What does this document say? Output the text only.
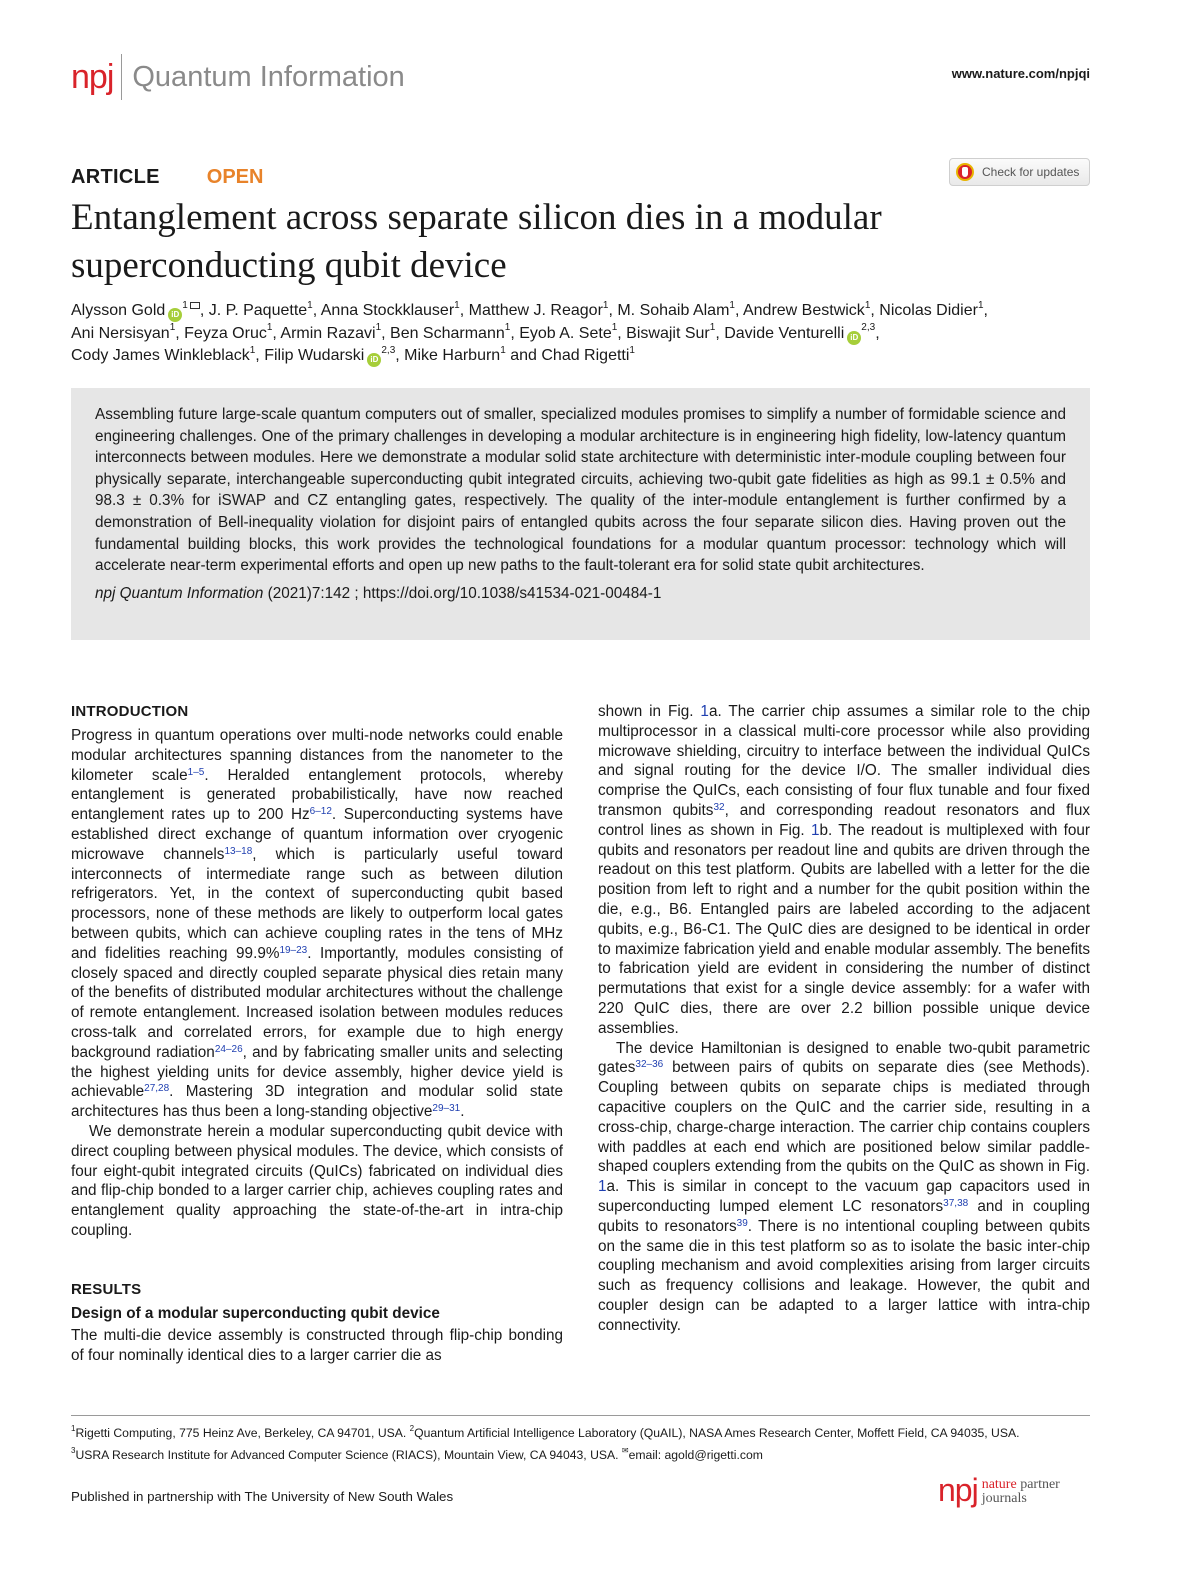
npj Quantum Information	www.nature.com/npjqi
ARTICLE OPEN	Check for updates
Entanglement across separate silicon dies in a modular
superconducting qubit device
Alysson Gold $iD^1$ , J. P. Paquette$^1$, Anna Stockklauser$^1$, Matthew J. Reagor$^1$, M. Sohaib Alam$^1$, Andrew Bestwick$^1$, Nicolas Didier$^1$,
Ani Nersisyan$^1$, Feyza Oruc$^1$, Armin Razavi$^1$, Ben Scharmann$^1$, Eyob A. Sete$^1$, Biswajit Sur$^1$, Davide Venturelli iD$^{2,3}$,
Cody James Winkleblack$^1$, Filip Wudarski iD$^{2,3}$, Mike Harburn$^1$ and Chad Rigetti$^1$

Assembling future large-scale quantum computers out of smaller, specialized modules promises to simplify a number of formidable science and engineering challenges. One of the primary challenges in developing a modular architecture is in engineering high fidelity, low-latency quantum interconnects between modules. Here we demonstrate a modular solid state architecture with deterministic inter-module coupling between four physically separate, interchangeable superconducting qubit integrated circuits, achieving two-qubit gate fidelities as high as 99.1 ± 0.5% and 98.3 ± 0.3% for iSWAP and CZ entangling gates, respectively. The quality of the inter-module entanglement is further confirmed by a demonstration of Bell-inequality violation for disjoint pairs of entangled qubits across the four separate silicon dies. Having proven out the fundamental building blocks, this work provides the technological foundations for a modular quantum processor: technology which will accelerate near-term experimental efforts and open up new paths to the fault-tolerant era for solid state qubit architectures.

npj Quantum Information (2021)7:142 ; https://doi.org/10.1038/s41534-021-00484-1

INTRODUCTION

Progress in quantum operations over multi-node networks could enable modular architectures spanning distances from the nanometer to the kilometer scale$^{1-5}$. Heralded entanglement protocols, whereby entanglement is generated probabilistically, have now reached entanglement rates up to 200 Hz$^{6-12}$. Superconducting systems have established direct exchange of quantum information over cryogenic microwave channels$^{13-18}$, which is particularly useful toward interconnects of intermediate range such as between dilution refrigerators. Yet, in the context of superconducting qubit based processors, none of these methods are likely to outperform local gates between qubits, which can achieve coupling rates in the tens of MHz and fidelities reaching 99.9%$^{19-23}$. Importantly, modules consisting of closely spaced and directly coupled separate physical dies retain many of the benefits of distributed modular architectures without the challenge of remote entanglement. Increased isolation between modules reduces cross-talk and correlated errors, for example due to high energy background radiation$^{24-26}$, and by fabricating smaller units and selecting the highest yielding units for device assembly, higher device yield is achievable$^{27,28}$. Mastering 3D integration and modular solid state architectures has thus been a long-standing objective$^{29-31}$.

We demonstrate herein a modular superconducting qubit device with direct coupling between physical modules. The device, which consists of four eight-qubit integrated circuits (QuICs) fabricated on individual dies and flip-chip bonded to a larger carrier chip, achieves coupling rates and entanglement quality approaching the state-of-the-art in intra-chip coupling.

RESULTS
Design of a modular superconducting qubit device

The multi-die device assembly is constructed through flip-chip bonding of four nominally identical dies to a larger carrier die as

shown in Fig. 1a. The carrier chip assumes a similar role to the chip multiprocessor in a classical multi-core processor while also providing microwave shielding, circuitry to interface between the individual QuICs and signal routing for the device I/O. The smaller individual dies comprise the QuICs, each consisting of four flux tunable and four fixed transmon qubits$^{32}$, and corresponding readout resonators and flux control lines as shown in Fig. 1b. The readout is multiplexed with four qubits and resonators per readout line and qubits are driven through the readout on this test platform. Qubits are labelled with a letter for the die position from left to right and a number for the qubit position within the die, e.g., B6. Entangled pairs are labeled according to the adjacent qubits, e.g., B6-C1. The QuIC dies are designed to be identical in order to maximize fabrication yield and enable modular assembly. The benefits to fabrication yield are evident in considering the number of distinct permutations that exist for a single device assembly: for a wafer with 220 QuIC dies, there are over 2.2 billion possible unique device assemblies.

The device Hamiltonian is designed to enable two-qubit parametric gates$^{32-36}$ between pairs of qubits on separate dies (see Methods). Coupling between qubits on separate chips is mediated through capacitive couplers on the QuIC and the carrier side, resulting in a cross-chip, charge-charge interaction. The carrier chip contains couplers with paddles at each end which are positioned below similar paddle-shaped couplers extending from the qubits on the QuIC as shown in Fig. 1a. This is similar in concept to the vacuum gap capacitors used in superconducting lumped element LC resonators$^{37,38}$ and in coupling qubits to resonators$^{39}$. There is no intentional coupling between qubits on the same die in this test platform so as to isolate the basic inter-chip coupling mechanism and avoid complexities arising from larger circuits such as frequency collisions and leakage. However, the qubit and coupler design can be adapted to a larger lattice with intra-chip connectivity.

$^1$Rigetti Computing, 775 Heinz Ave, Berkeley, CA 94701, USA. $^2$Quantum Artificial Intelligence Laboratory (QuAIL), NASA Ames Research Center, Moffett Field, CA 94035, USA.
$^3$USRA Research Institute for Advanced Computer Science (RIACS), Mountain View, CA 94043, USA. ✉email: agold@rigetti.com
Published in partnership with The University of New South Wales	npj nature partner
journals
